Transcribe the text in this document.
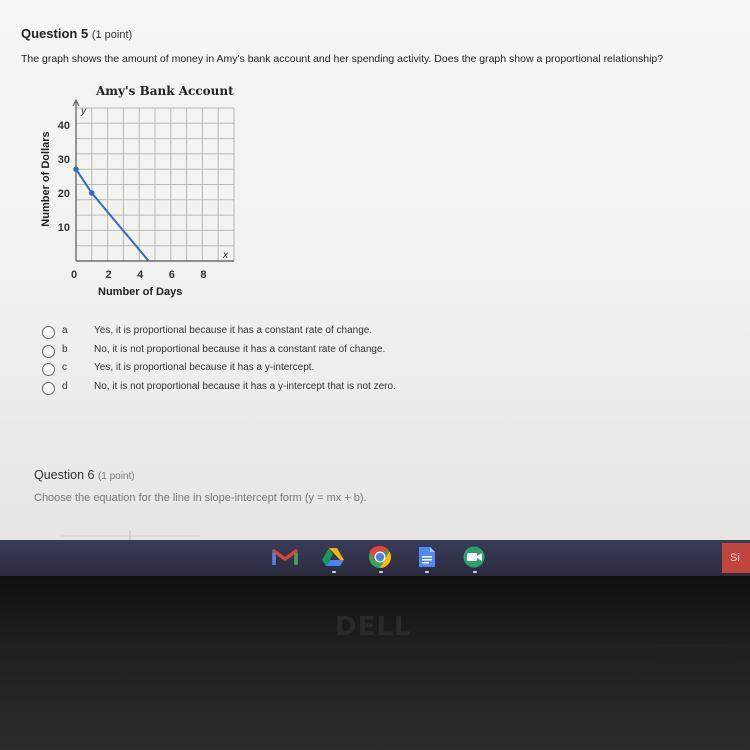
Question 5 (1 point)
The graph shows the amount of money in Amy's bank account and her spending activity. Does the graph show a proportional relationship?
Amy's Bank Account
Number of Dollars
Number of Days
y
x
10
20
30
40
0	2 4 6 8
a	Yes, it is proportional because it has a constant rate of change.
b	No, it is not proportional because it has a constant rate of change.
c	Yes, it is proportional because it has a y-intercept.
d	No, it is not proportional because it has a y-intercept that is not zero.
Question 6 (1 point)
Choose the equation for the line in slope-intercept form (y = mx + b).
Si
DELL
